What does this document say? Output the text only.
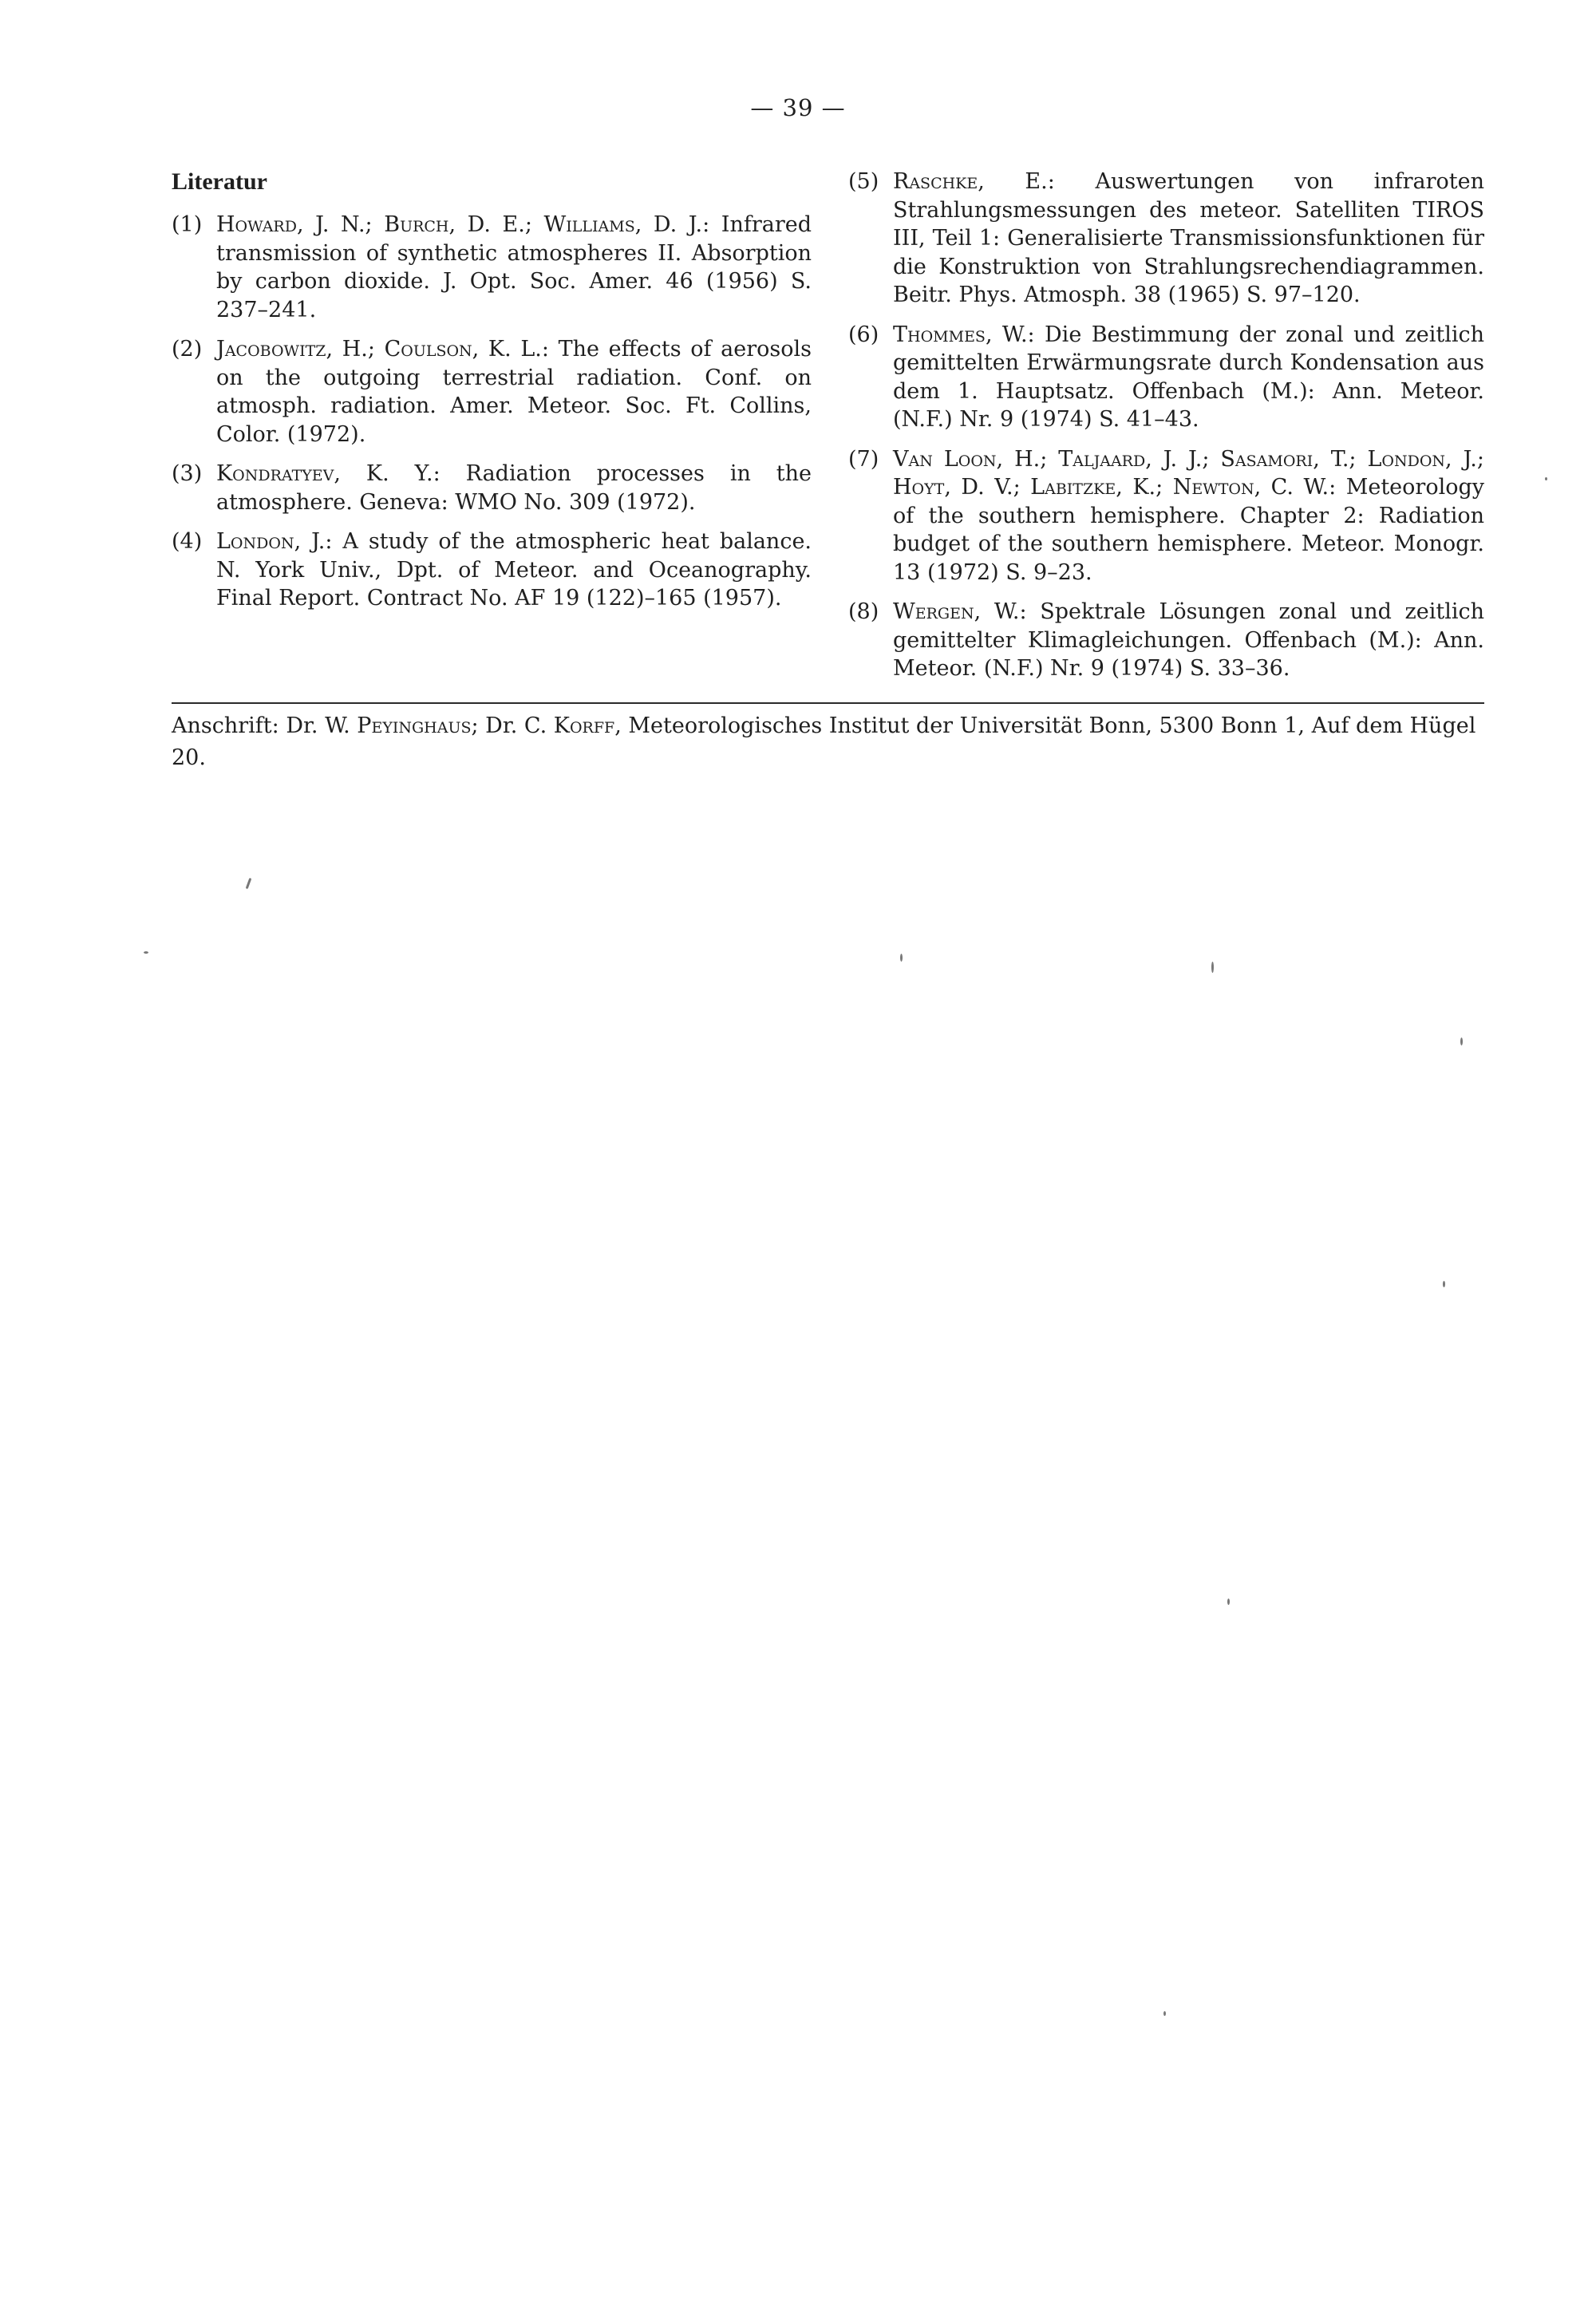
— 39 —
Literatur
(1) Howard, J. N.; Burch, D. E.; Williams, D. J.: Infrared transmission of synthetic atmospheres II. Absorption by carbon dioxide. J. Opt. Soc. Amer. 46 (1956) S. 237–241.
(2) Jacobowitz, H.; Coulson, K. L.: The effects of aerosols on the outgoing terrestrial radiation. Conf. on atmosph. radiation. Amer. Meteor. Soc. Ft. Collins, Color. (1972).
(3) Kondratyev, K. Y.: Radiation processes in the atmosphere. Geneva: WMO No. 309 (1972).
(4) London, J.: A study of the atmospheric heat balance. N. York Univ., Dpt. of Meteor. and Oceanography. Final Report. Contract No. AF 19 (122)–165 (1957).
(5) Raschke, E.: Auswertungen von infraroten Strahlungsmessungen des meteor. Satelliten TIROS III, Teil 1: Generalisierte Transmissionsfunktionen für die Konstruktion von Strahlungsrechendiagrammen. Beitr. Phys. Atmosph. 38 (1965) S. 97–120.
(6) Thommes, W.: Die Bestimmung der zonal und zeitlich gemittelten Erwärmungsrate durch Kondensation aus dem 1. Hauptsatz. Offenbach (M.): Ann. Meteor. (N.F.) Nr. 9 (1974) S. 41–43.
(7) Van Loon, H.; Taljaard, J. J.; Sasamori, T.; London, J.; Hoyt, D. V.; Labitzke, K.; Newton, C. W.: Meteorology of the southern hemisphere. Chapter 2: Radiation budget of the southern hemisphere. Meteor. Monogr. 13 (1972) S. 9–23.
(8) Wergen, W.: Spektrale Lösungen zonal und zeitlich gemittelter Klimagleichungen. Offenbach (M.): Ann. Meteor. (N.F.) Nr. 9 (1974) S. 33–36.
Anschrift: Dr. W. Peyinghaus; Dr. C. Korff, Meteorologisches Institut der Universität Bonn, 5300 Bonn 1, Auf dem Hügel 20.
